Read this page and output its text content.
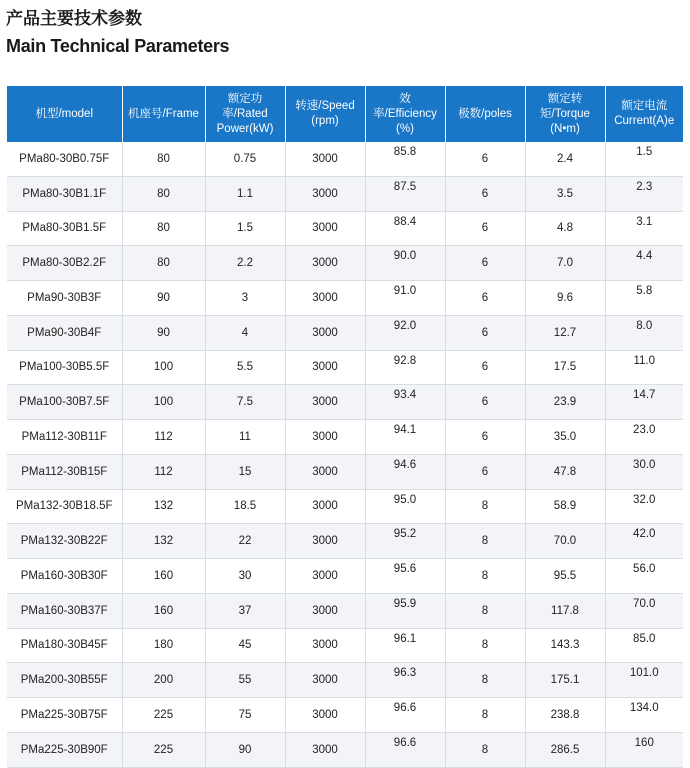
产品主要技术参数
Main Technical Parameters
机型/model	机座号/Frame	额定功率/Rated Power(kW)	转速/Speed (rpm)	效率/Efficiency (%)	极数/poles	额定转矩/Torque (N•m)	额定电流 Current(A)e
PMa80-30B0.75F	80	0.75	3000	85.8	6	2.4	1.5
PMa80-30B1.1F	80	1.1	3000	87.5	6	3.5	2.3
PMa80-30B1.5F	80	1.5	3000	88.4	6	4.8	3.1
PMa80-30B2.2F	80	2.2	3000	90.0	6	7.0	4.4
PMa90-30B3F	90	3	3000	91.0	6	9.6	5.8
PMa90-30B4F	90	4	3000	92.0	6	12.7	8.0
PMa100-30B5.5F	100	5.5	3000	92.8	6	17.5	11.0
PMa100-30B7.5F	100	7.5	3000	93.4	6	23.9	14.7
PMa112-30B11F	112	11	3000	94.1	6	35.0	23.0
PMa112-30B15F	112	15	3000	94.6	6	47.8	30.0
PMa132-30B18.5F	132	18.5	3000	95.0	8	58.9	32.0
PMa132-30B22F	132	22	3000	95.2	8	70.0	42.0
PMa160-30B30F	160	30	3000	95.6	8	95.5	56.0
PMa160-30B37F	160	37	3000	95.9	8	117.8	70.0
PMa180-30B45F	180	45	3000	96.1	8	143.3	85.0
PMa200-30B55F	200	55	3000	96.3	8	175.1	101.0
PMa225-30B75F	225	75	3000	96.6	8	238.8	134.0
PMa225-30B90F	225	90	3000	96.6	8	286.5	160
